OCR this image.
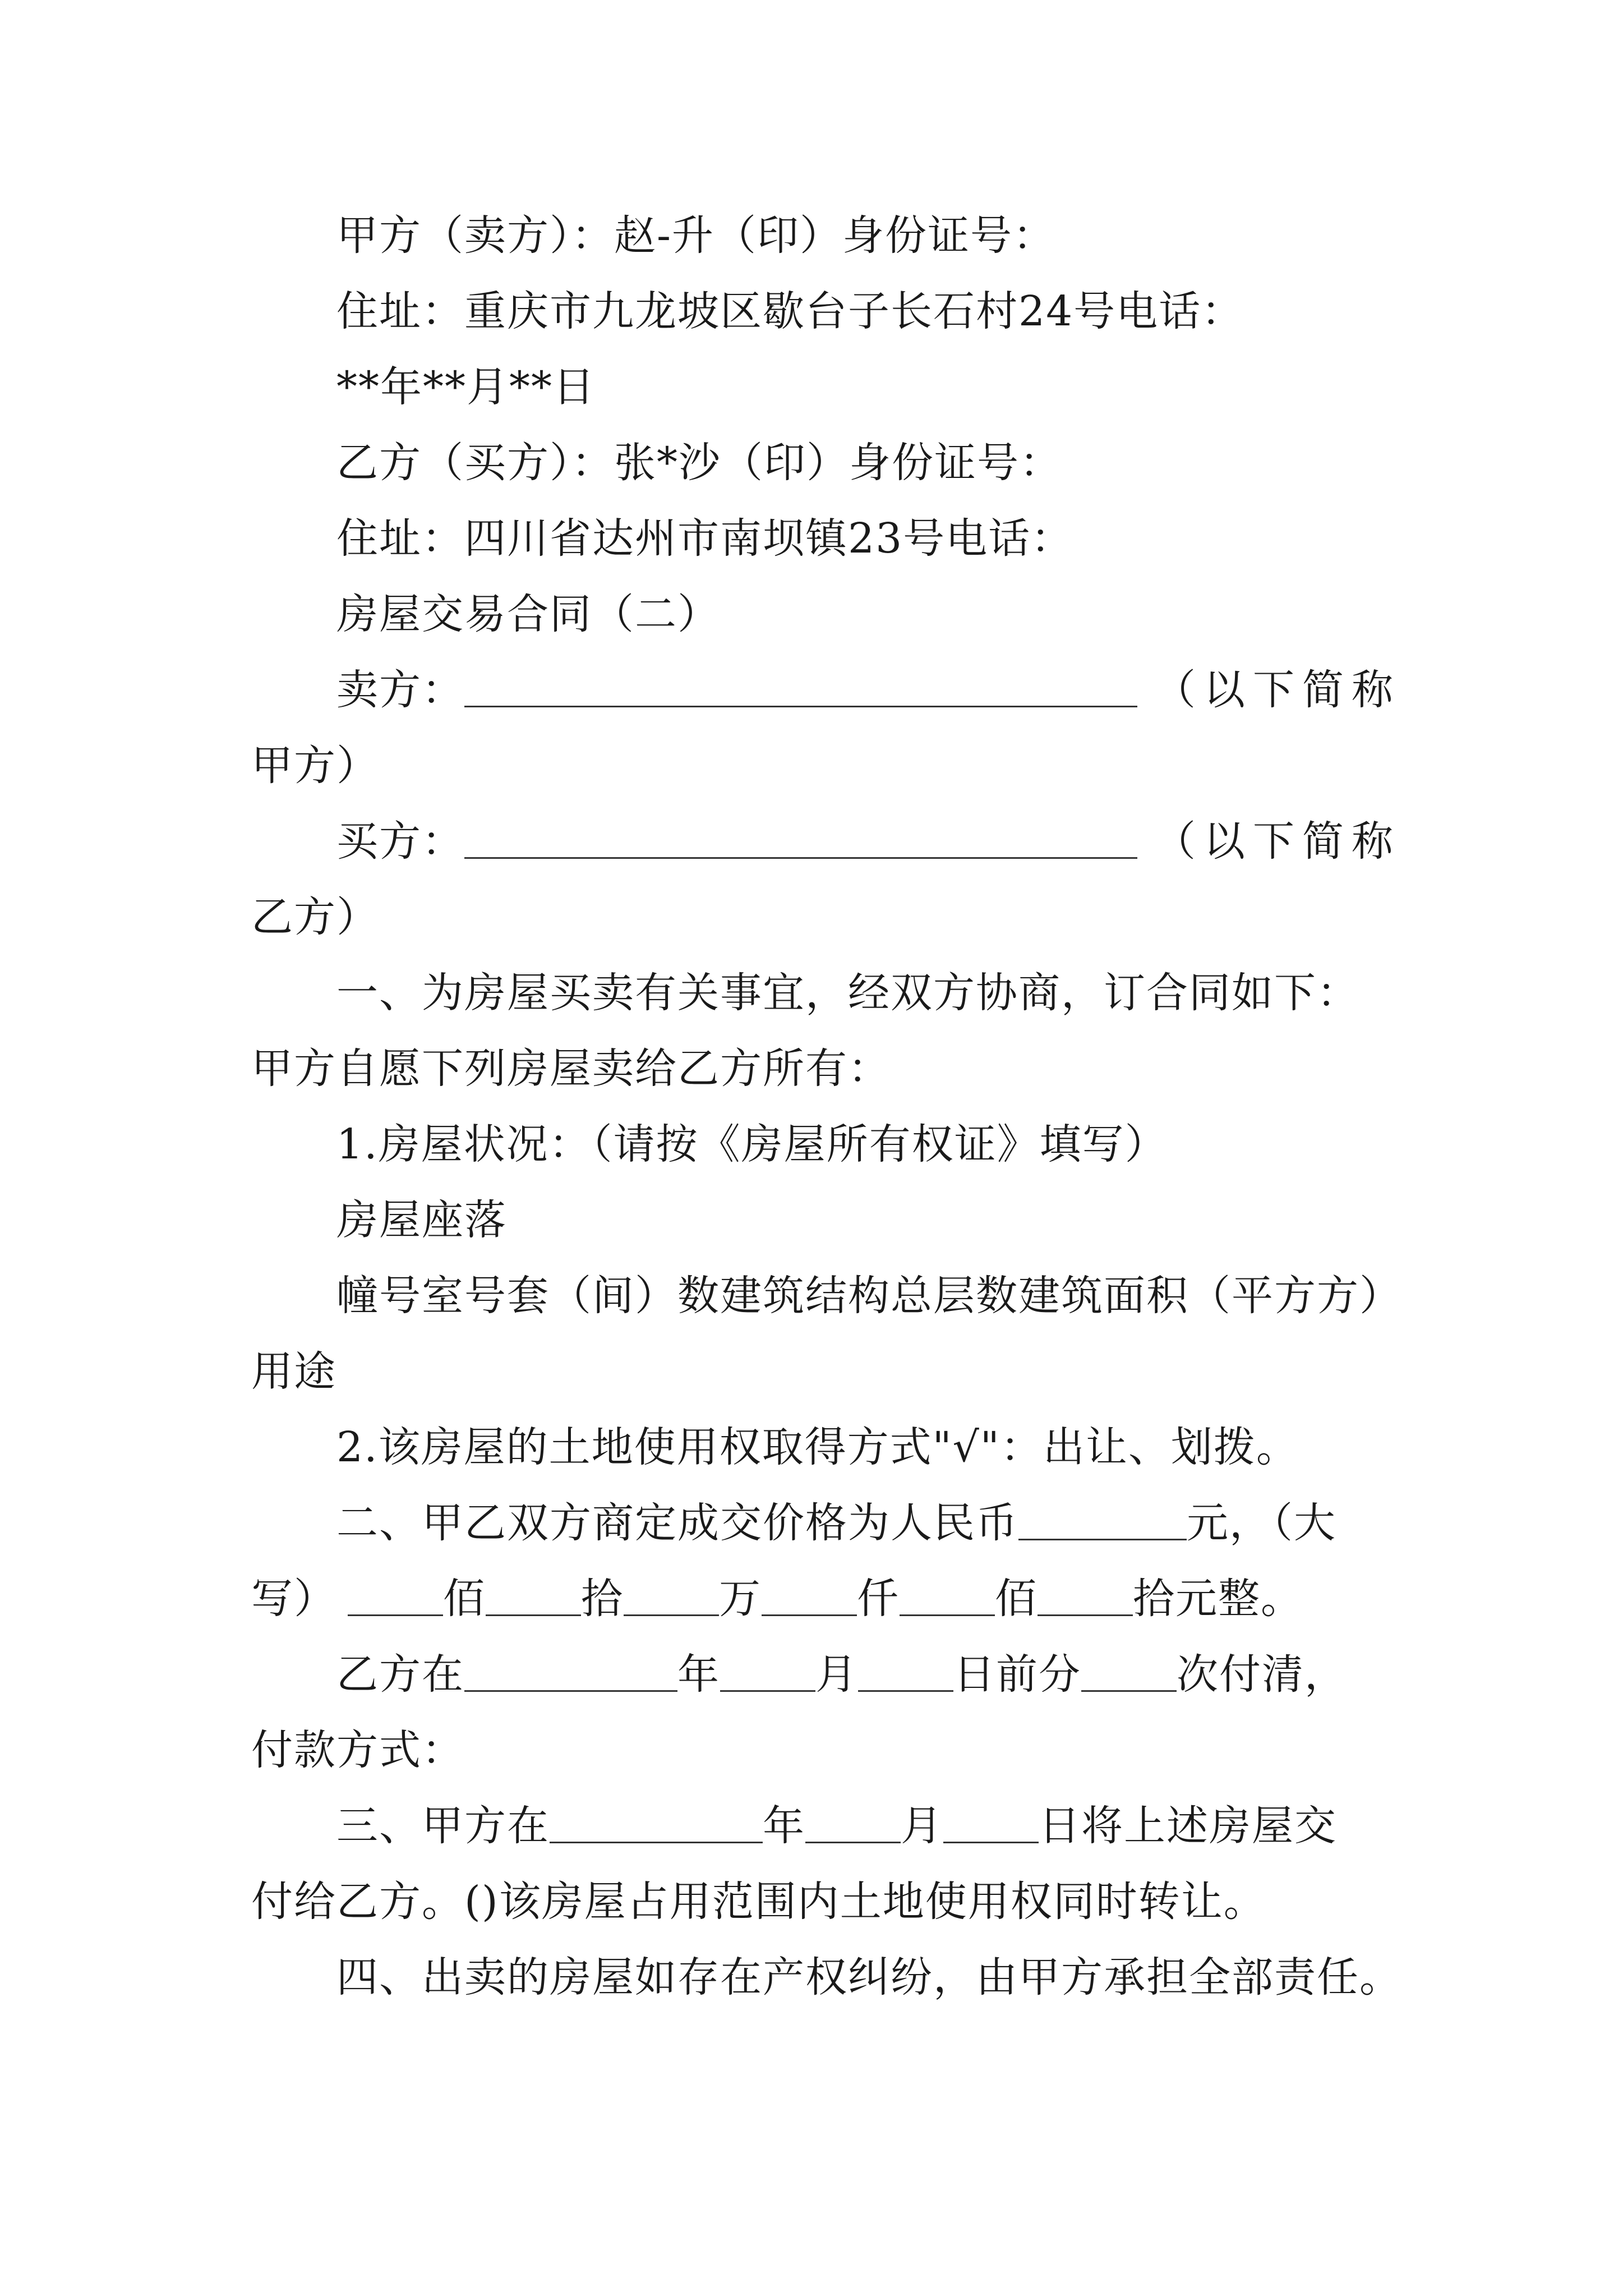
甲方（卖方）：赵-升（印）身份证号：
住址：重庆市九龙坡区歇台子长石村24号电话：
**年**月**日
乙方（买方）：张*沙（印）身份证号：
住址：四川省达州市南坝镇23号电话：
房屋交易合同（二）
卖方：	（以下简称
甲方）
买方：	（以下简称
乙方）
一、为房屋买卖有关事宜，经双方协商，订合同如下：
甲方自愿下列房屋卖给乙方所有：
1.房屋状况：（请按《房屋所有权证》填写）
房屋座落
幢号室号套（间）数建筑结构总层数建筑面积（平方方）
用途
2.该房屋的土地使用权取得方式"√"：出让、划拨。
二、甲乙双方商定成交价格为人民币	元，（大
写）	佰 拾 万 仟 佰 拾元整。
乙方在	年 月 日前分 次付清，
付款方式：
三、甲方在	年 月 日将上述房屋交
付给乙方。()该房屋占用范围内土地使用权同时转让。
四、出卖的房屋如存在产权纠纷，由甲方承担全部责任。
